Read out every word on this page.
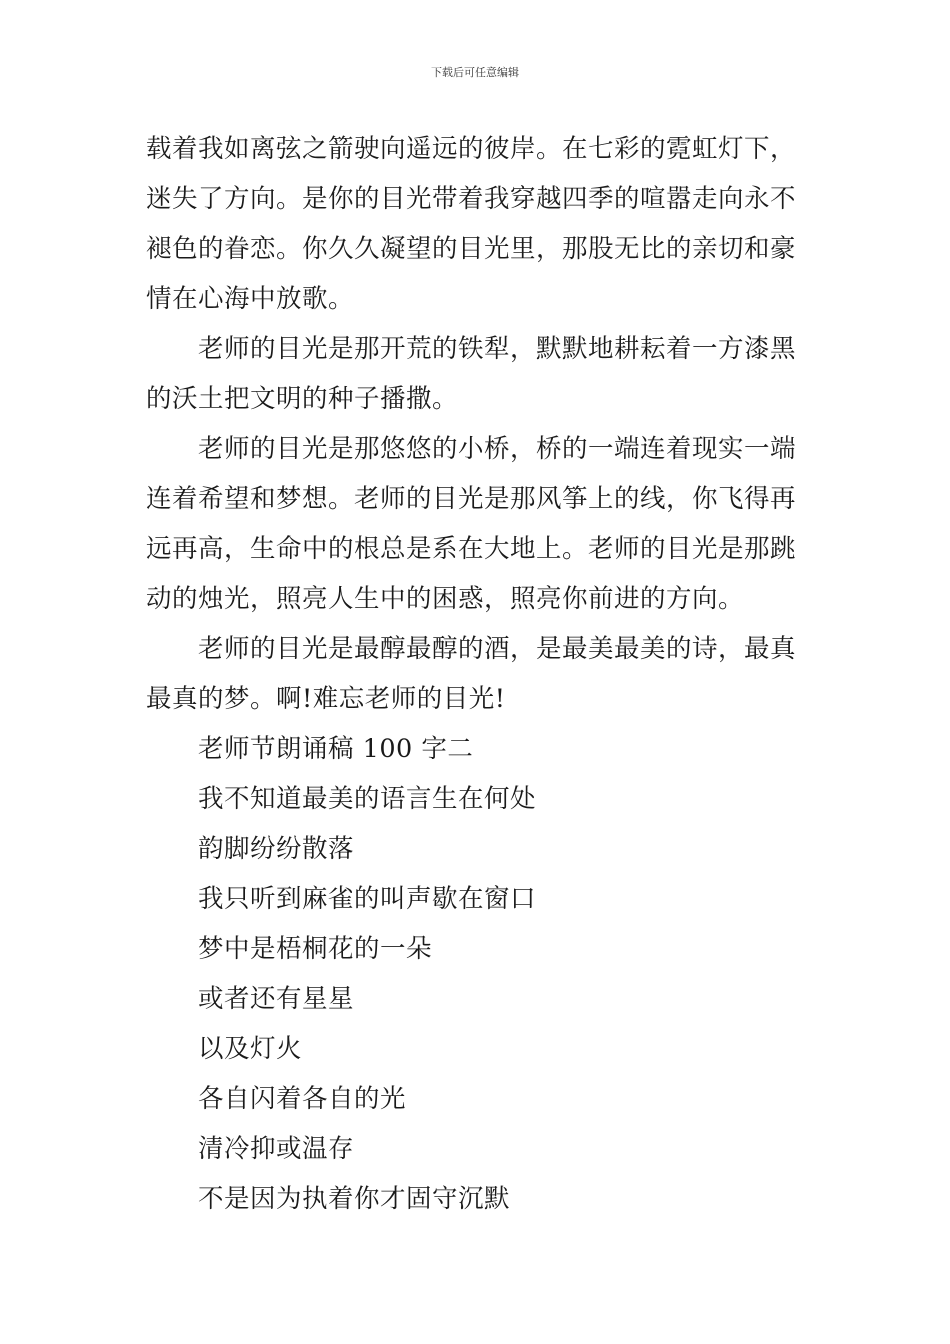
下载后可任意编辑
载着我如离弦之箭驶向遥远的彼岸。在七彩的霓虹灯下，
迷失了方向。是你的目光带着我穿越四季的喧嚣走向永不
褪色的眷恋。你久久凝望的目光里，那股无比的亲切和豪
情在心海中放歌。
老师的目光是那开荒的铁犁，默默地耕耘着一方漆黑
的沃土把文明的种子播撒。
老师的目光是那悠悠的小桥，桥的一端连着现实一端
连着希望和梦想。老师的目光是那风筝上的线，你飞得再
远再高，生命中的根总是系在大地上。老师的目光是那跳
动的烛光，照亮人生中的困惑，照亮你前进的方向。
老师的目光是最醇最醇的酒，是最美最美的诗，最真
最真的梦。啊!难忘老师的目光!
老师节朗诵稿 100 字二
我不知道最美的语言生在何处
韵脚纷纷散落
我只听到麻雀的叫声歇在窗口
梦中是梧桐花的一朵
或者还有星星
以及灯火
各自闪着各自的光
清冷抑或温存
不是因为执着你才固守沉默
